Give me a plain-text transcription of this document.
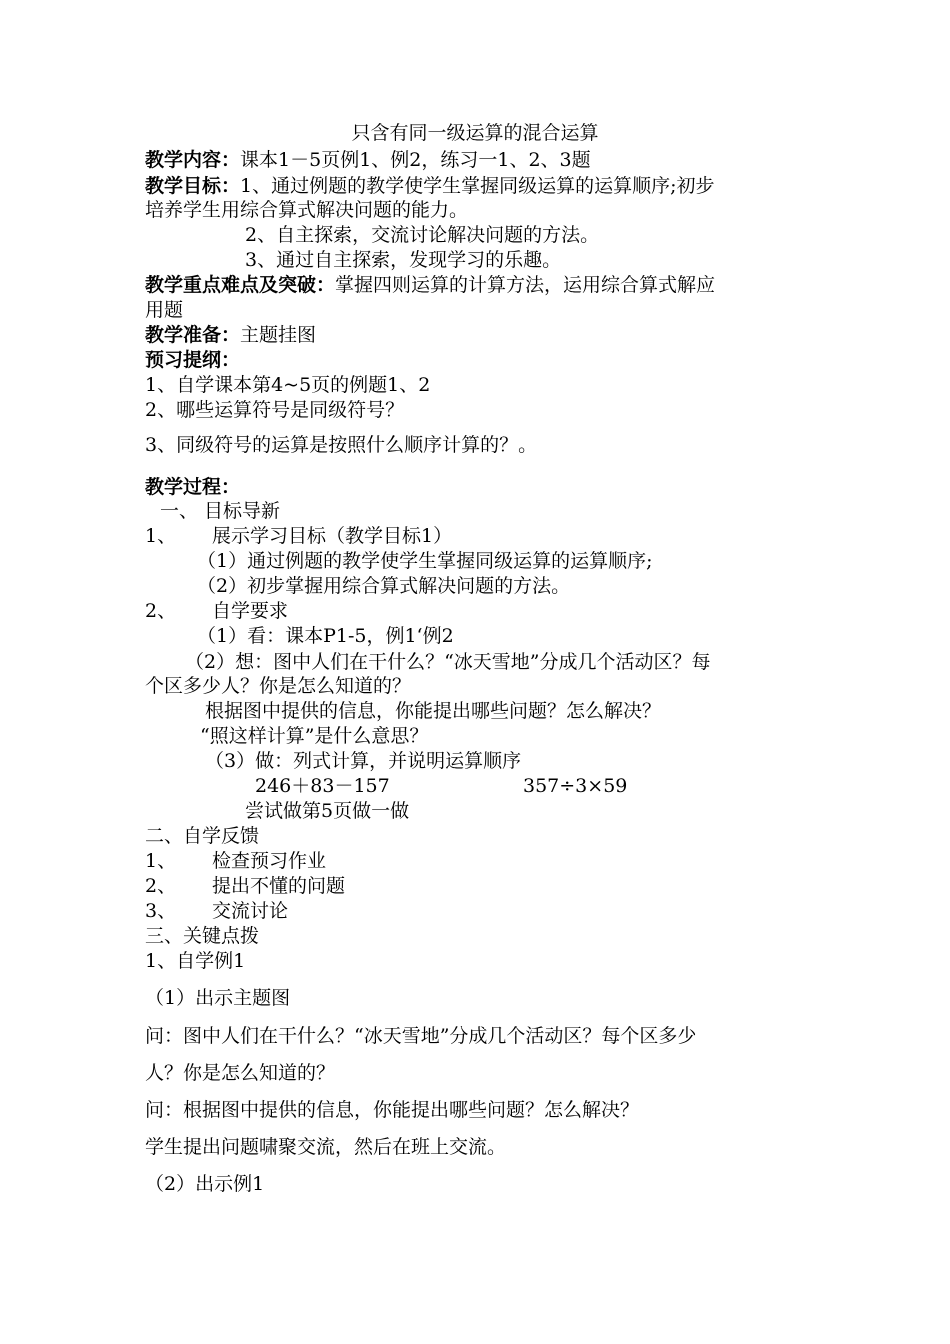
只含有同一级运算的混合运算
教学内容：课本1－5页例1、例2，练习一1、2、3题
教学目标：1、通过例题的教学使学生掌握同级运算的运算顺序;初步
培养学生用综合算式解决问题的能力。
2、自主探索，交流讨论解决问题的方法。
3、通过自主探索，发现学习的乐趣。
教学重点难点及突破：掌握四则运算的计算方法，运用综合算式解应
用题
教学准备：主题挂图
预习提纲：
1、自学课本第4~5页的例题1、2
2、哪些运算符号是同级符号？
3、同级符号的运算是按照什么顺序计算的？。
教学过程：
一、 目标导新
1、 展示学习目标（教学目标1）
（1）通过例题的教学使学生掌握同级运算的运算顺序;
（2）初步掌握用综合算式解决问题的方法。
2、 自学要求
（1）看：课本P1-5，例1‘例2
（2）想：图中人们在干什么？“冰天雪地”分成几个活动区？每
个区多少人？你是怎么知道的？
根据图中提供的信息，你能提出哪些问题？怎么解决？
“照这样计算”是什么意思？
（3）做：列式计算，并说明运算顺序
246＋83－157	357÷3×59
尝试做第5页做一做
二、自学反馈
1、 检查预习作业
2、 提出不懂的问题
3、 交流讨论
三、关键点拨
1、自学例1
（1）出示主题图
问：图中人们在干什么？“冰天雪地”分成几个活动区？每个区多少
人？你是怎么知道的？
问：根据图中提供的信息，你能提出哪些问题？怎么解决？
学生提出问题啸聚交流，然后在班上交流。
（2）出示例1
